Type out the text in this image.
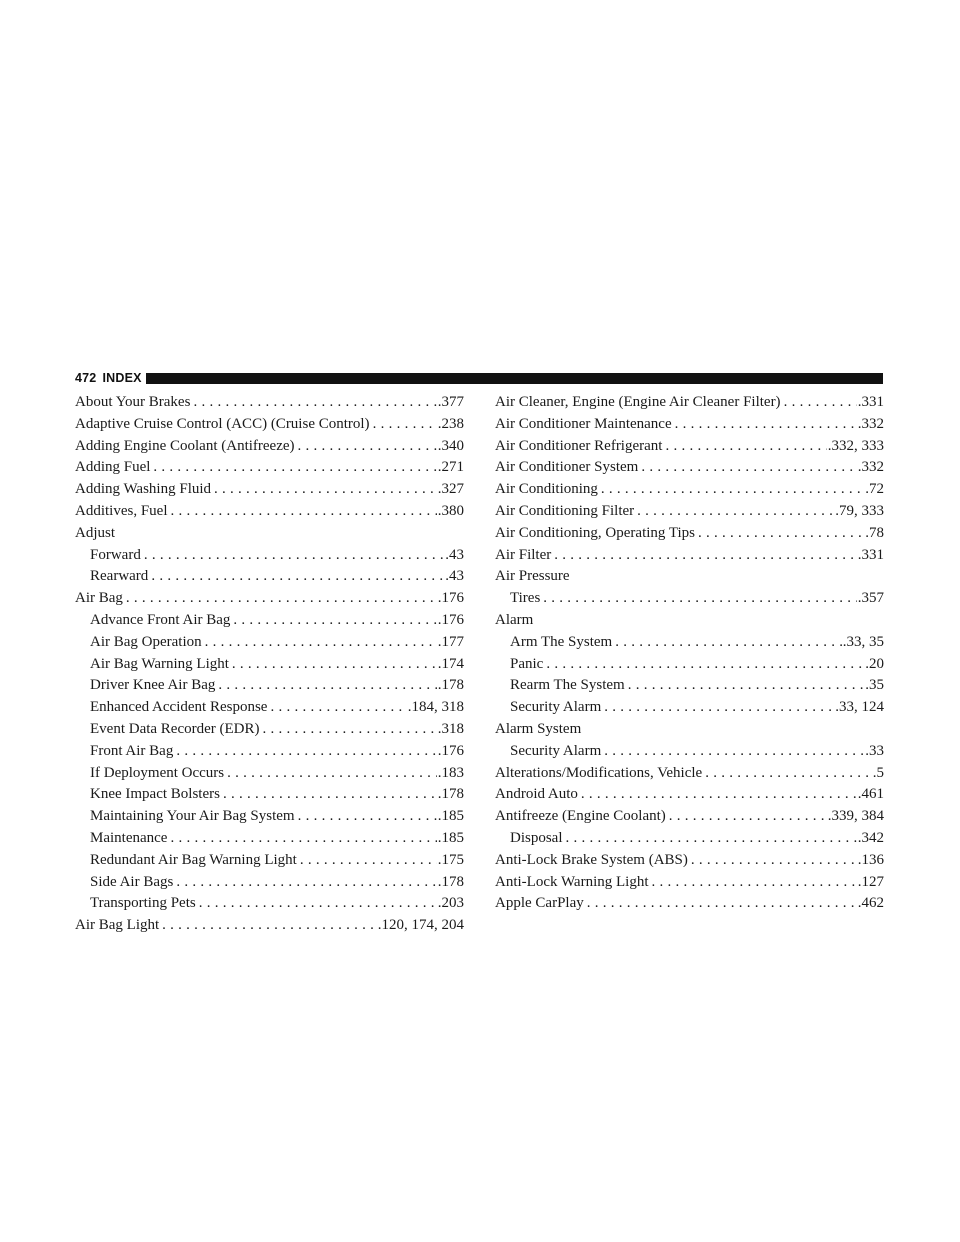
472 INDEX
About Your Brakes . . .	.377
Adaptive Cruise Control (ACC) (Cruise Control) . . .	.238
Adding Engine Coolant (Antifreeze) . . .	.340
Adding Fuel . . .	.271
Adding Washing Fluid . . .	.327
Additives, Fuel . . .	.380
Adjust
Forward . . .	.43
Rearward . . .	.43
Air Bag . . .	.176
Advance Front Air Bag . . .	.176
Air Bag Operation . . .	.177
Air Bag Warning Light . . .	.174
Driver Knee Air Bag . . .	.178
Enhanced Accident Response . . .	.184, 318
Event Data Recorder (EDR) . . .	.318
Front Air Bag . . .	.176
If Deployment Occurs . . .	.183
Knee Impact Bolsters . . .	.178
Maintaining Your Air Bag System . . .	.185
Maintenance . . .	.185
Redundant Air Bag Warning Light . . .	.175
Side Air Bags . . .	.178
Transporting Pets . . .	.203
Air Bag Light . . .	.120, 174, 204
Air Cleaner, Engine (Engine Air Cleaner Filter) . . .	.331
Air Conditioner Maintenance . . .	.332
Air Conditioner Refrigerant . . .	.332, 333
Air Conditioner System . . .	.332
Air Conditioning . . .	.72
Air Conditioning Filter . . .	.79, 333
Air Conditioning, Operating Tips . . .	.78
Air Filter . . .	.331
Air Pressure
Tires . . .	.357
Alarm
Arm The System . . .	.33, 35
Panic . . .	.20
Rearm The System . . .	.35
Security Alarm . . .	.33, 124
Alarm System
Security Alarm . . .	.33
Alterations/Modifications, Vehicle . . .	.5
Android Auto . . .	.461
Antifreeze (Engine Coolant) . . .	.339, 384
Disposal . . .	.342
Anti-Lock Brake System (ABS) . . .	.136
Anti-Lock Warning Light . . .	.127
Apple CarPlay . . .	.462
